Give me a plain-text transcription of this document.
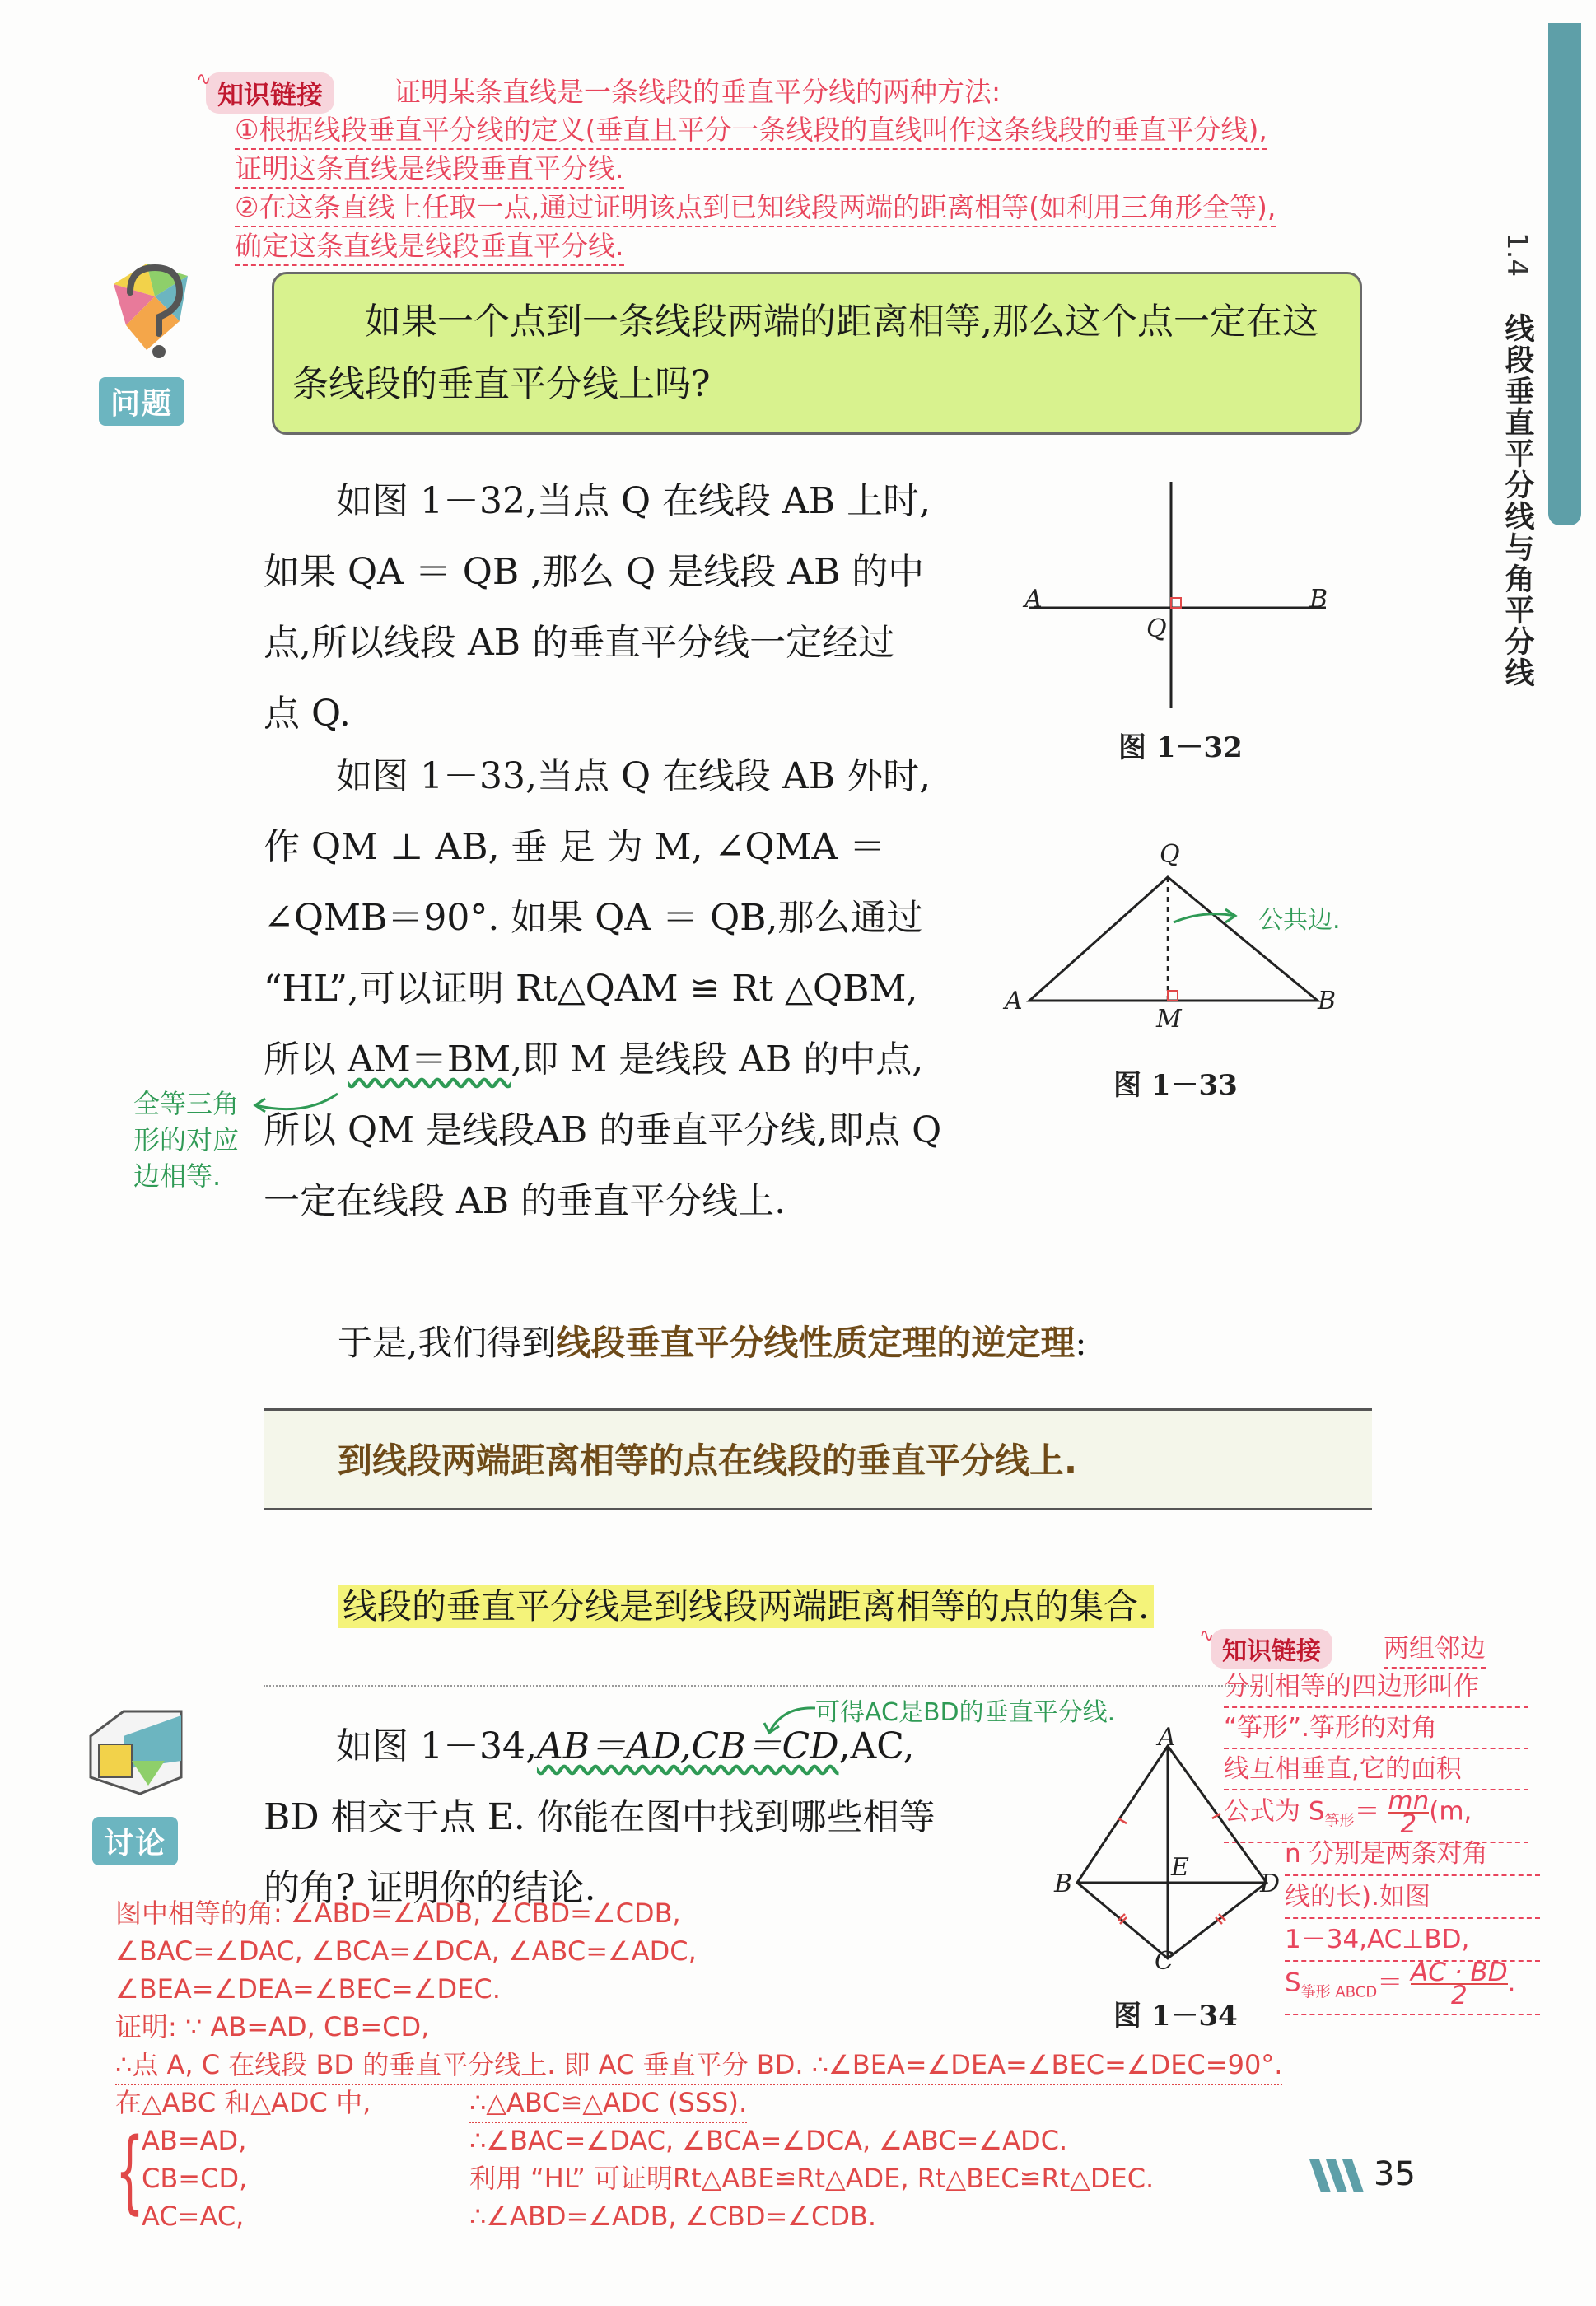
1.4
线段垂直平分线与角平分线
∿ 知识链接	证明某条直线是一条线段的垂直平分线的两种方法:
①根据线段垂直平分线的定义(垂直且平分一条线段的直线叫作这条线段的垂直平分线),
证明这条直线是线段垂直平分线.
②在这条直线上任取一点,通过证明该点到已知线段两端的距离相等(如利用三角形全等),
确定这条直线是线段垂直平分线.
问题
如果一个点到一条线段两端的距离相等,那么这个点一定在这条线段的垂直平分线上吗?
如图 1－32,当点 Q 在线段 AB 上时,
如果 QA ＝ QB ,那么 Q 是线段 AB 的中
点,所以线段 AB 的垂直平分线一定经过
点 Q.
A	B
Q
图 1－32
如图 1－33,当点 Q 在线段 AB 外时,
作 QM ⊥ AB, 垂 足 为 M, ∠QMA ＝
∠QMB＝90°. 如果 QA ＝ QB,那么通过
“HL”,可以证明 Rt△QAM ≌ Rt △QBM,
所以 AM＝BM,即 M 是线段 AB 的中点,
所以 QM 是线段AB 的垂直平分线,即点 Q
一定在线段 AB 的垂直平分线上.
全等三角
形的对应
边相等.
Q
A	B
M
公共边.
图 1－33
于是,我们得到线段垂直平分线性质定理的逆定理:
到线段两端距离相等的点在线段的垂直平分线上.
线段的垂直平分线是到线段两端距离相等的点的集合.
∿
知识链接	两组邻边
分别相等的四边形叫作
“筝形”.筝形的对角
线互相垂直,它的面积
公式为 $S_{筝形}= \frac{mn}{2} (m$,
n 分别是两条对角
线的长).如图
1－34,AC⊥BD,
$S_{筝形 ABCD}= \frac{AC \cdot BD}{2}$ .
讨论
可得AC是BD的垂直平分线.
如图 1－34,AB＝AD,CB＝CD,AC,
BD 相交于点 E. 你能在图中找到哪些相等
的角? 证明你的结论.
A
B	D
E
C
图 1－34
图中相等的角: ∠ABD=∠ADB, ∠CBD=∠CDB,
∠BAC=∠DAC, ∠BCA=∠DCA, ∠ABC=∠ADC,
∠BEA=∠DEA=∠BEC=∠DEC.
证明: ∵ AB=AD, CB=CD,
∴点 A, C 在线段 BD 的垂直平分线上. 即 AC 垂直平分 BD. ∴∠BEA=∠DEA=∠BEC=∠DEC=90°.
在△ABC 和△ADC 中,	∴△ABC≌△ADC (SSS).
{
AB=AD,	∴∠BAC=∠DAC, ∠BCA=∠DCA, ∠ABC=∠ADC.
CB=CD,	利用 “HL” 可证明Rt△ABE≌Rt△ADE, Rt△BEC≌Rt△DEC.
AC=AC,	∴∠ABD=∠ADB, ∠CBD=∠CDB.
35
